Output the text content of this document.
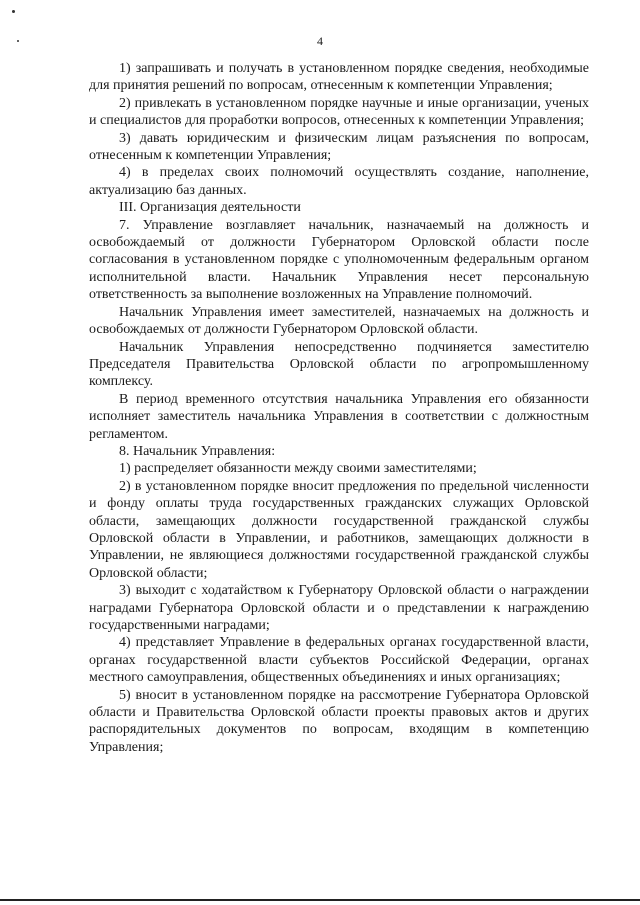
4

1) запрашивать и получать в установленном порядке сведения, необходимые для принятия решений по вопросам, отнесенным к компетенции Управления;

2) привлекать в установленном порядке научные и иные организации, ученых и специалистов для проработки вопросов, отнесенных к компетенции Управления;

3) давать юридическим и физическим лицам разъяснения по вопросам, отнесенным к компетенции Управления;

4) в пределах своих полномочий осуществлять создание, наполнение, актуализацию баз данных.

III. Организация деятельности

7. Управление возглавляет начальник, назначаемый на должность и освобождаемый от должности Губернатором Орловской области после согласования в установленном порядке с уполномоченным федеральным органом исполнительной власти. Начальник Управления несет персональную ответственность за выполнение возложенных на Управление полномочий.

Начальник Управления имеет заместителей, назначаемых на должность и освобождаемых от должности Губернатором Орловской области.

Начальник Управления непосредственно подчиняется заместителю Председателя Правительства Орловской области по агропромышленному комплексу.

В период временного отсутствия начальника Управления его обязанности исполняет заместитель начальника Управления в соответствии с должностным регламентом.

8. Начальник Управления:

1) распределяет обязанности между своими заместителями;

2) в установленном порядке вносит предложения по предельной численности и фонду оплаты труда государственных гражданских служащих Орловской области, замещающих должности государственной гражданской службы Орловской области в Управлении, и работников, замещающих должности в Управлении, не являющиеся должностями государственной гражданской службы Орловской области;

3) выходит с ходатайством к Губернатору Орловской области о награждении наградами Губернатора Орловской области и о представлении к награждению государственными наградами;

4) представляет Управление в федеральных органах государственной власти, органах государственной власти субъектов Российской Федерации, органах местного самоуправления, общественных объединениях и иных организациях;

5) вносит в установленном порядке на рассмотрение Губернатора Орловской области и Правительства Орловской области проекты правовых актов и других распорядительных документов по вопросам, входящим в компетенцию Управления;
